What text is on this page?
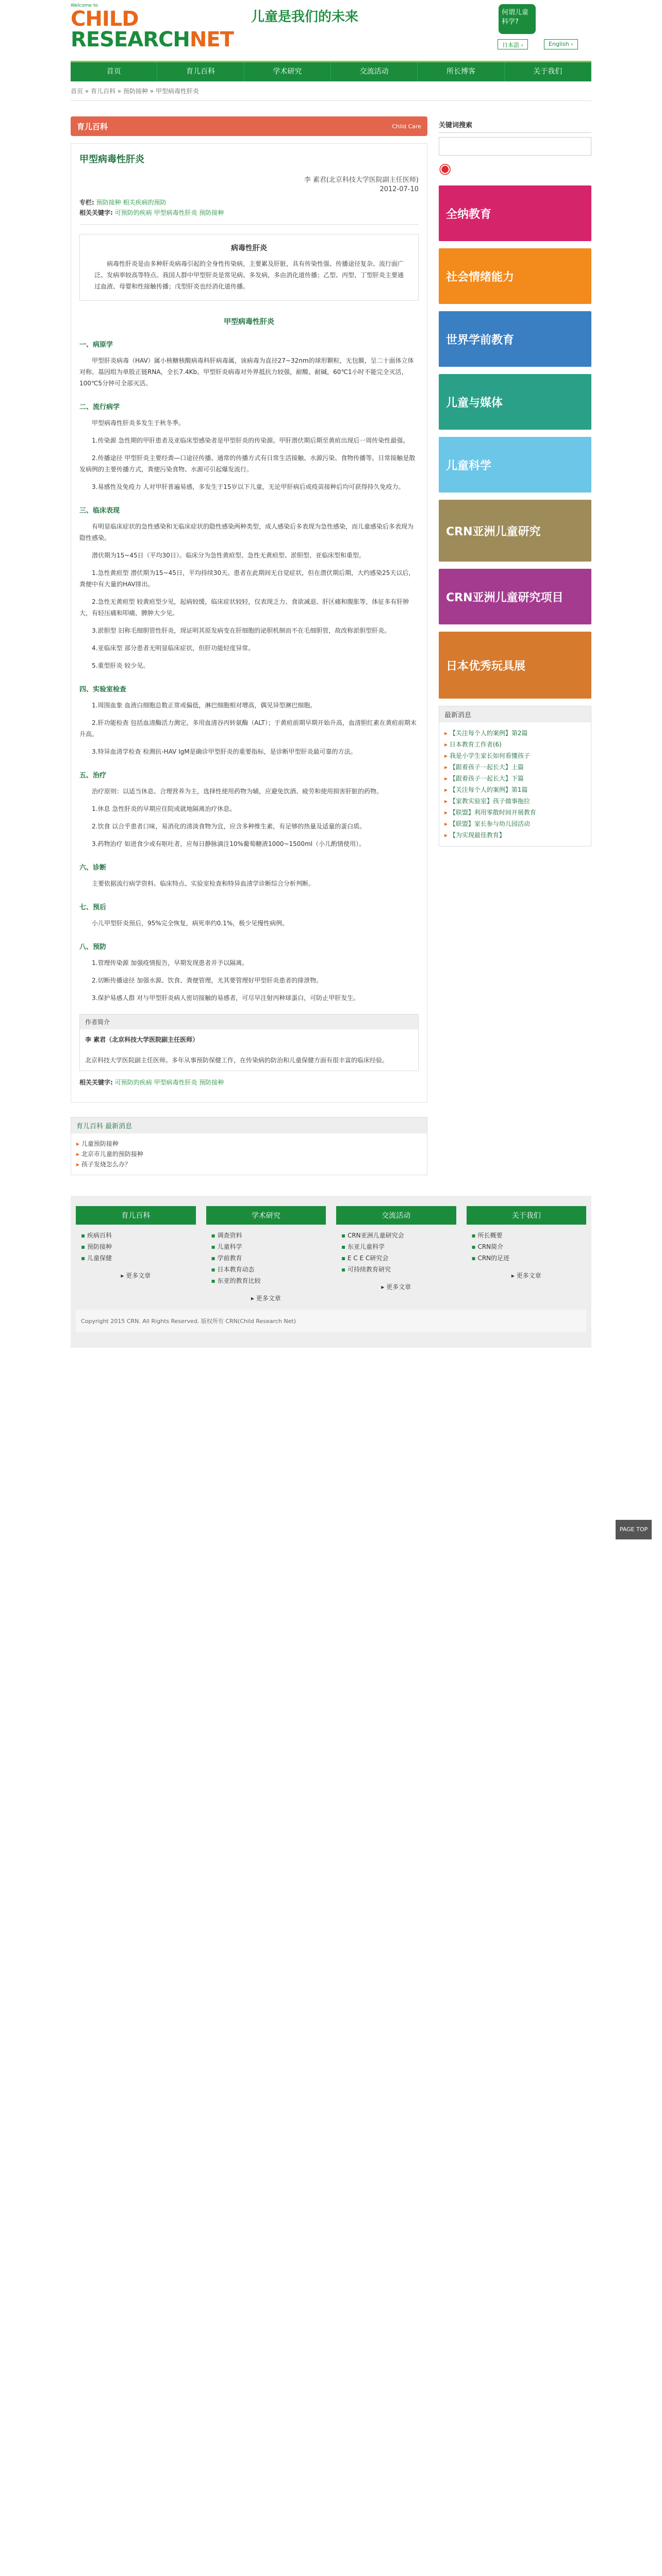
Welcome to
CHILD
RESEARCHNET
儿童是我们的未来	何谓儿童科学?
日本語 ›	English ›
首页	育儿百科	学术研究	交流活动	所长博客	关于我们
首页 » 育儿百科 » 预防接种 » 甲型病毒性肝炎
育儿百科	Child Care
甲型病毒性肝炎
李 素君(北京科技大学医院副主任医师)
2012-07-10
专栏: 预防接种 相关疾病的预防
相关关键字: 可预防的疾病 甲型病毒性肝炎 预防接种
病毒性肝炎

病毒性肝炎是由多种肝炎病毒引起的全身性传染病，主要累及肝脏，具有传染性强、传播途径复杂、流行面广泛、发病率较高等特点。我国人群中甲型肝炎是常见病、多发病，多由消化道传播；乙型、丙型、丁型肝炎主要通过血液、母婴和性接触传播；戊型肝炎也经消化道传播。

甲型病毒性肝炎
一、病原学

甲型肝炎病毒（HAV）属小核糖核酸病毒科肝病毒属，该病毒为直径27~32nm的球形颗粒，无包膜，呈二十面体立体对称。基因组为单股正链RNA，全长7.4Kb。甲型肝炎病毒对外界抵抗力较强，耐酸、耐碱，60℃1小时不能完全灭活，100℃5分钟可全部灭活。

二、流行病学

甲型病毒性肝炎多发生于秋冬季。

1.传染源 急性期的甲肝患者及亚临床型感染者是甲型肝炎的传染源。甲肝潜伏期后期至黄疸出现后一周传染性最强。

2.传播途径 甲型肝炎主要经粪—口途径传播。通常的传播方式有日常生活接触、水源污染、食物传播等。日常接触是散发病例的主要传播方式，粪便污染食物、水源可引起爆发流行。

3.易感性及免疫力 人对甲肝普遍易感，多发生于15岁以下儿童，无论甲肝病后或疫苗接种后均可获得持久免疫力。

三、临床表现

有明显临床症状的急性感染和无临床症状的隐性感染两种类型，成人感染后多表现为急性感染，而儿童感染后多表现为隐性感染。

潜伏期为15~45日（平均30日）。临床分为急性黄疸型、急性无黄疸型、淤胆型、亚临床型和重型。

1.急性黄疸型 潜伏期为15~45日，平均持续30天。患者在此期间无自觉症状，但在潜伏期后期，大约感染25天以后，粪便中有大量的HAV排出。

2.急性无黄疸型 较黄疸型少见，起病较缓，临床症状较轻，仅表现乏力、食欲减退、肝区痛和腹胀等，体征多有肝肿大，有轻压痛和叩痛，脾肿大少见。

3.淤胆型 旧称毛细胆管性肝炎，现证明其原发病变在肝细胞的泌胆机制而不在毛细胆管，故改称淤胆型肝炎。

4.亚临床型 部分患者无明显临床症状，但肝功能轻度异常。

5.重型肝炎 较少见。

四、实验室检查

1.周围血象 血液白细胞总数正常或偏低，淋巴细胞相对增高，偶见异型淋巴细胞。

2.肝功能检查 包括血清酶活力测定。多用血清谷丙转氨酶（ALT）；于黄疸前期早期开始升高，血清胆红素在黄疸前期末升高。

3.特异血清学检查 检测抗-HAV IgM是确诊甲型肝炎的重要指标，是诊断甲型肝炎最可靠的方法。

五、治疗

治疗原则：以适当休息、合理营养为主，选择性使用药物为辅，应避免饮酒、疲劳和使用损害肝脏的药物。

1.休息 急性肝炎的早期应住院或就地隔离治疗休息。

2.饮食 以合乎患者口味，易消化的清淡食物为宜，应含多种维生素，有足够的热量及适量的蛋白质。

3.药物治疗 如进食少或有呕吐者，应每日静脉滴注10%葡萄糖液1000~1500ml（小儿酌情使用）。

六、诊断

主要依据流行病学资料、临床特点、实验室检查和特异血清学诊断综合分析判断。

七、预后

小儿甲型肝炎预后，95%完全恢复，病死率约0.1%，极少见慢性病例。

八、预防

1.管理传染源 加强疫情报告，早期发现患者并予以隔离。

2.切断传播途径 加强水源、饮食、粪便管理，尤其要管理好甲型肝炎患者的排泄物。

3.保护易感人群 对与甲型肝炎病人密切接触的易感者，可尽早注射丙种球蛋白，可防止甲肝发生。

作者简介
李 素君（北京科技大学医院副主任医师）

北京科技大学医院副主任医师。多年从事预防保健工作，在传染病的防治和儿童保健方面有很丰富的临床经验。
相关关键字: 可预防的疾病 甲型病毒性肝炎 预防接种
育儿百科 最新消息
▸ 儿童预防接种
▸ 北京市儿童的预防接种
▸ 孩子发烧怎么办？
关键词搜索
◉
全纳教育
社会情绪能力
世界学前教育
儿童与媒体
儿童科学
CRN亚洲儿童研究
CRN亚洲儿童研究项目
日本优秀玩具展
最新消息
▸ 【关注每个人的案例】第2篇
▸ 日本教育工作者(6)
▸ 我是小学生家长如何看懂孩子
▸ 【跟着孩子一起长大】上篇
▸ 【跟着孩子一起长大】下篇
▸ 【关注每个人的案例】第1篇
▸ 【家教实验室】孩子做事拖拉
▸ 【联盟】利用零散时间开展教育
▸ 【联盟】家长参与幼儿园活动
▸ 【为实现最佳教育】
育儿百科
▪ 疾病百科
▪ 预防接种
▪ 儿童保健
▸ 更多文章
学术研究
▪ 调查资料
▪ 儿童科学
▪ 学前教育
▪ 日本教育动态
▪ 东亚的教育比较
▸ 更多文章
交流活动
▪ CRN亚洲儿童研究会
▪ 东亚儿童科学
▪ E C E C研究会
▪ 可持续教育研究
▸ 更多文章
关于我们
▪ 所长概要
▪ CRN简介
▪ CRN的足迹
▸ 更多文章
Copyright 2015 CRN. All Rights Reserved. 版权所有 CRN(Child Research Net)
PAGE TOP
